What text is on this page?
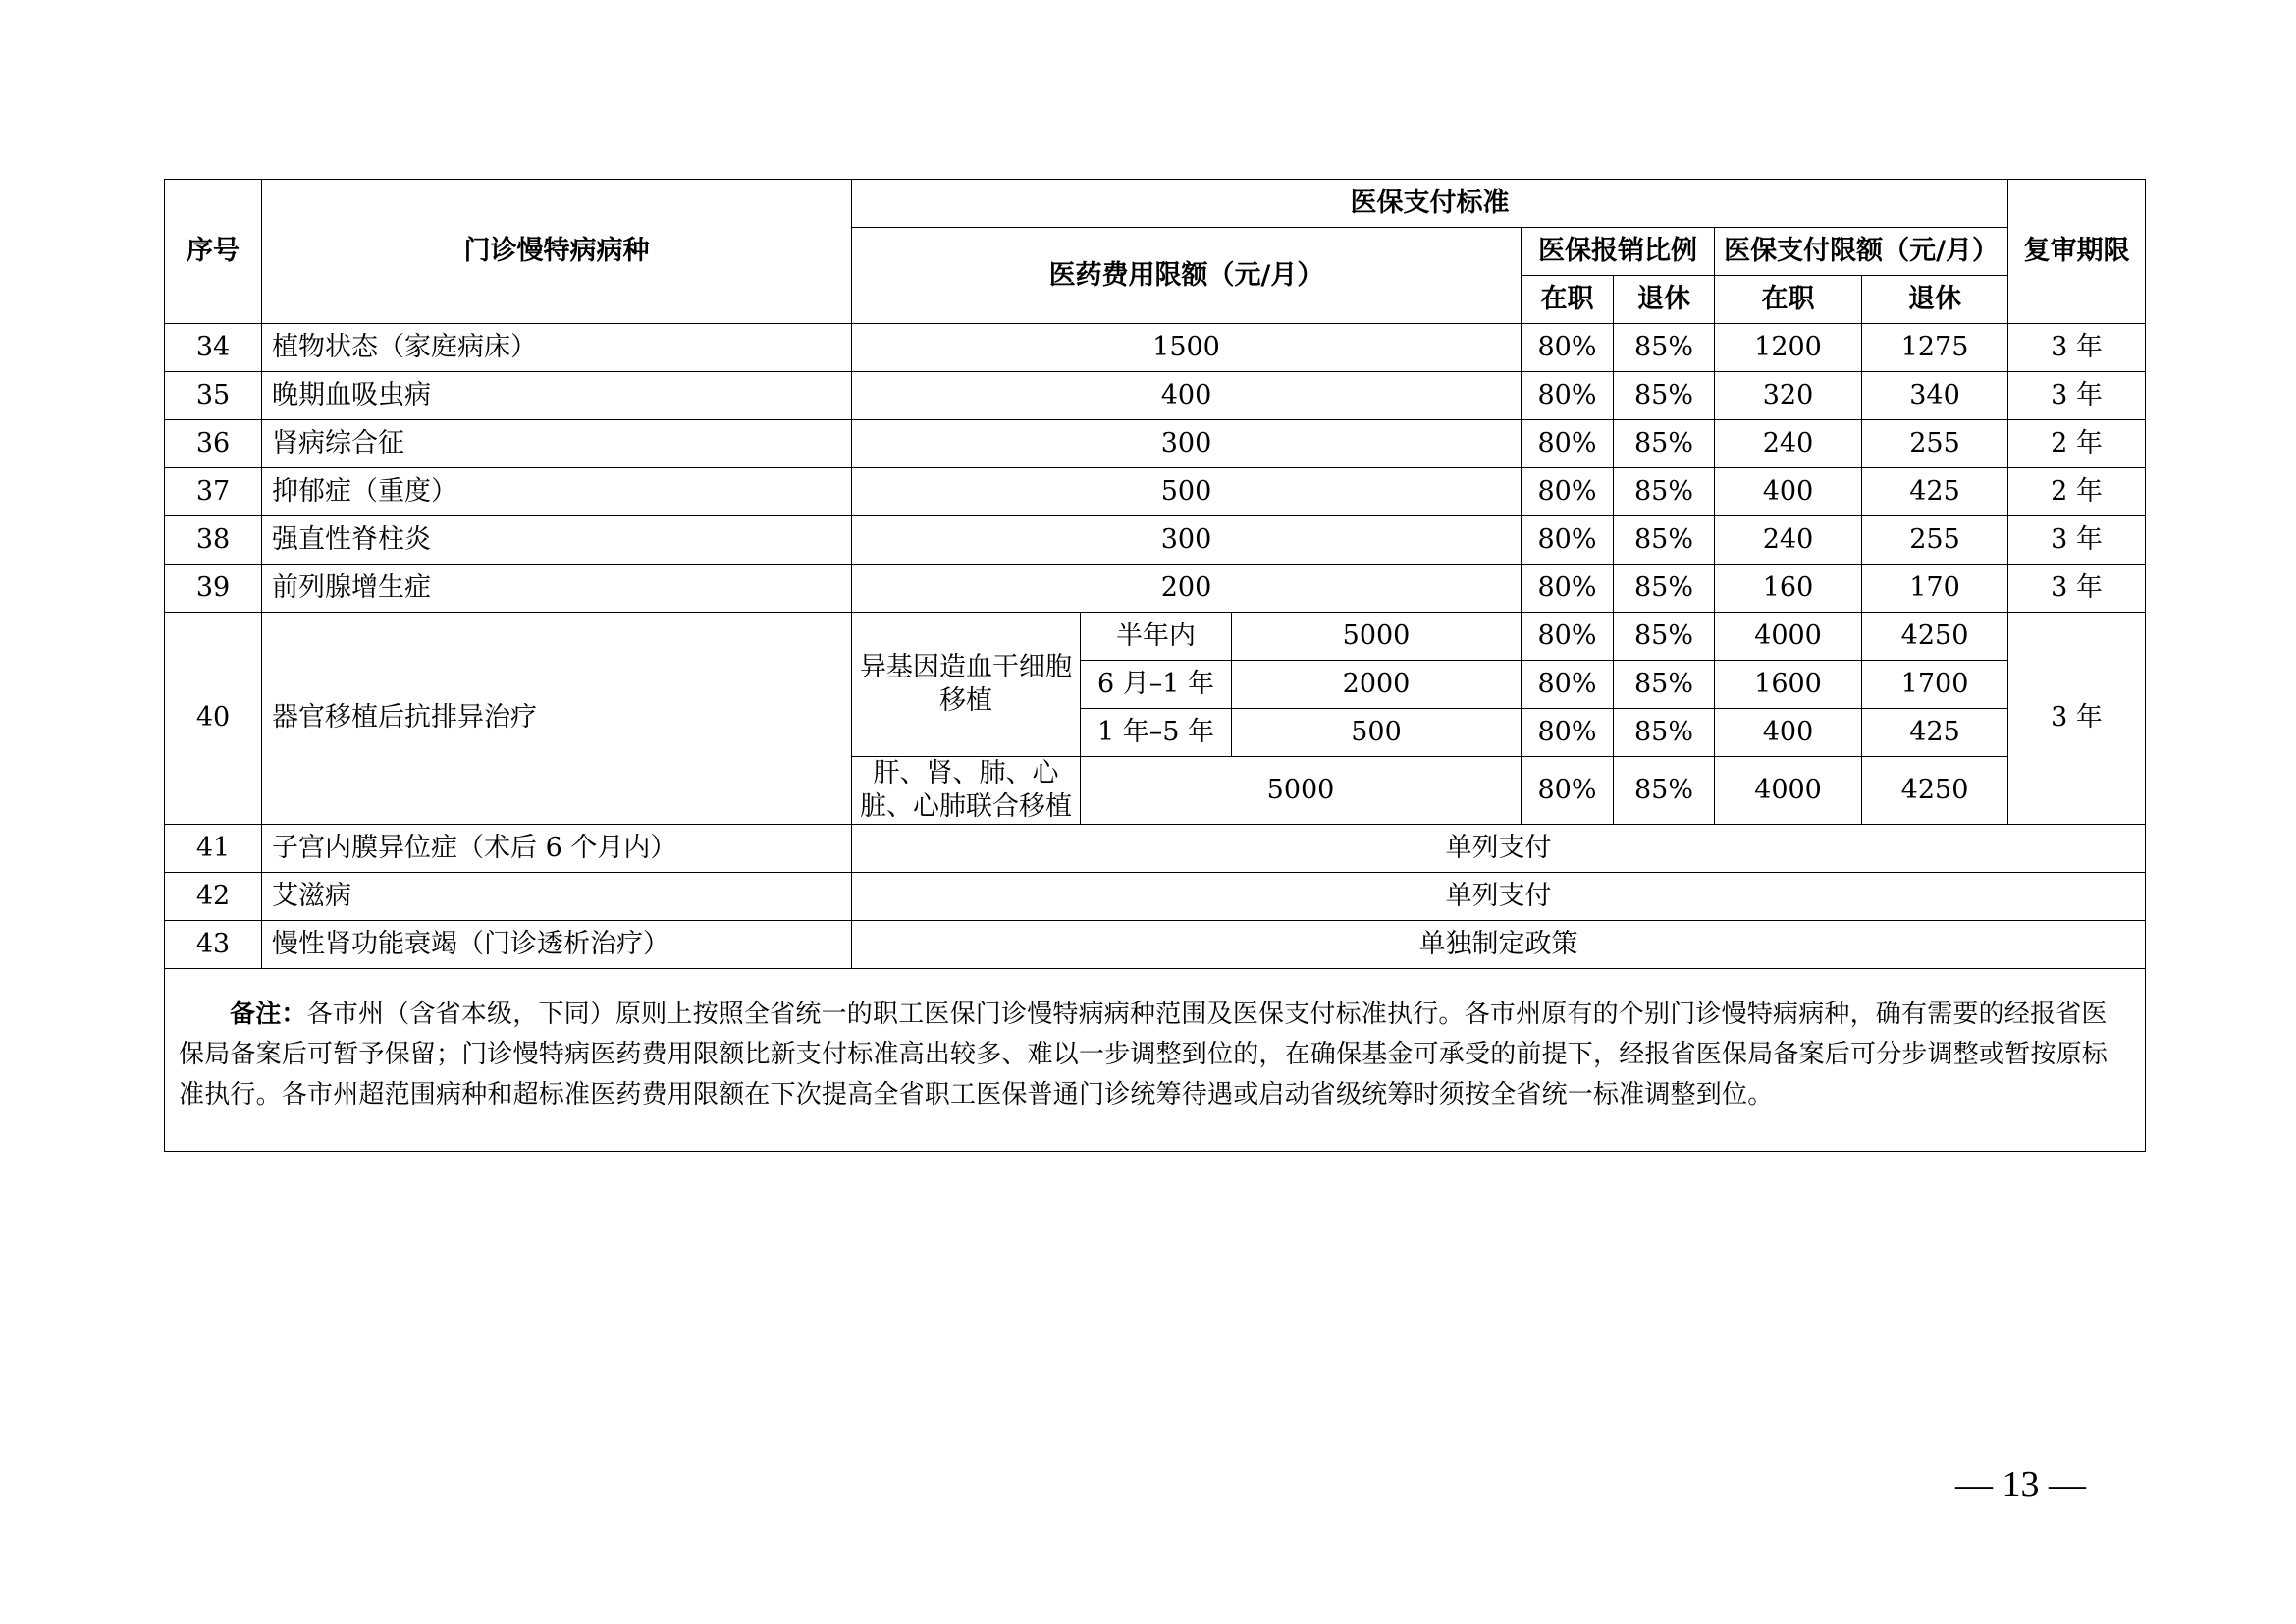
序号	门诊慢特病病种	医保支付标准							复审期限
		医药费用限额（元/月）			医保报销比例		医保支付限额（元/月）		
					在职	退休	在职	退休	
34	植物状态（家庭病床）	1500			80%	85%	1200	1275	3 年
35	晚期血吸虫病	400			80%	85%	320	340	3 年
36	肾病综合征	300			80%	85%	240	255	2 年
37	抑郁症（重度）	500			80%	85%	400	425	2 年
38	强直性脊柱炎	300			80%	85%	240	255	3 年
39	前列腺增生症	200			80%	85%	160	170	3 年
40	器官移植后抗排异治疗	异基因造血干细胞移植	半年内	5000	80%	85%	4000	4250	3 年
			6 月–1 年	2000	80%	85%	1600	1700	
			1 年–5 年	500	80%	85%	400	425	
		肝、肾、肺、心脏、心肺联合移植	5000		80%	85%	4000	4250	
41	子宫内膜异位症（术后 6 个月内）	单列支付							
42	艾滋病	单列支付							
43	慢性肾功能衰竭（门诊透析治疗）	单独制定政策							
备注：各市州（含省本级，下同）原则上按照全省统一的职工医保门诊慢特病病种范围及医保支付标准执行。各市州原有的个别门诊慢特病病种，确有需要的经报省医保局备案后可暂予保留；门诊慢特病医药费用限额比新支付标准高出较多、难以一步调整到位的，在确保基金可承受的前提下，经报省医保局备案后可分步调整或暂按原标准执行。各市州超范围病种和超标准医药费用限额在下次提高全省职工医保普通门诊统筹待遇或启动省级统筹时须按全省统一标准调整到位。									
— 13 —
